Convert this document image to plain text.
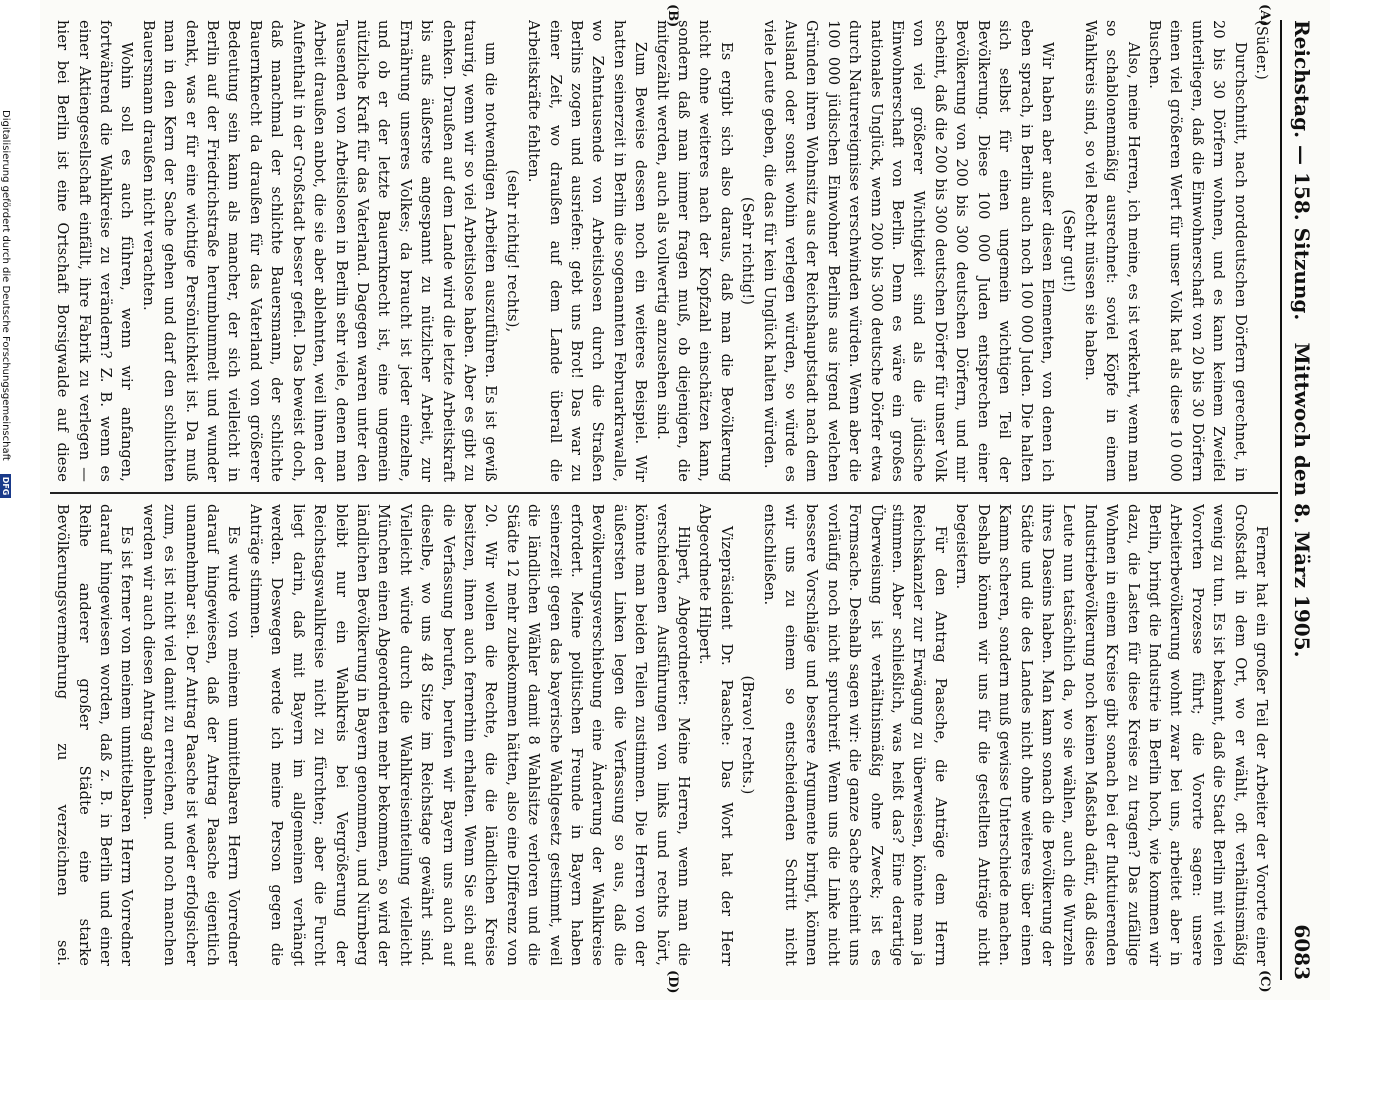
Reichstag. — 158. Sitzung.
Mittwoch den 8. März 1905.
6083
(A)
(B)
(C)
(D)

(Süder.)

Durchschnitt, nach norddeutschen Dörfern gerechnet, in 20 bis 30 Dörfern wohnen, und es kann keinem Zweifel unterliegen, daß die Einwohnerschaft von 20 bis 30 Dörfern einen viel größeren Wert für unser Volk hat als diese 10 000 Buschen.

Also, meine Herren, ich meine, es ist verkehrt, wenn man so schablonenmäßig ausrechnet: soviel Köpfe in einem Wahlkreis sind, so viel Recht müssen sie haben.

(Sehr gut!)

Wir haben aber außer diesen Elementen, von denen ich eben sprach, in Berlin auch noch 100 000 Juden. Die halten sich selbst für einen ungemein wichtigen Teil der Bevölkerung. Diese 100 000 Juden entsprechen einer Bevölkerung von 200 bis 300 deutschen Dörfern, und mir scheint, daß die 200 bis 300 deutschen Dörfer für unser Volk von viel größerer Wichtigkeit sind als die jüdische Einwohnerschaft von Berlin. Denn es wäre ein großes nationales Unglück, wenn 200 bis 300 deutsche Dörfer etwa durch Naturereignisse verschwinden würden. Wenn aber die 100 000 jüdischen Einwohner Berlins aus irgend welchen Gründen ihren Wohnsitz aus der Reichshauptstadt nach dem Ausland oder sonst wohin verlegen würden, so würde es viele Leute geben, die das für kein Unglück halten würden.

(Sehr richtig!)

Es ergibt sich also daraus, daß man die Bevölkerung nicht ohne weiteres nach der Kopfzahl einschätzen kann, sondern daß man immer fragen muß, ob diejenigen, die mitgezählt werden, auch als vollwertig anzusehen sind.

Zum Beweise dessen noch ein weiteres Beispiel. Wir hatten seinerzeit in Berlin die sogenannten Februarkrawalle, wo Zehntausende von Arbeitslosen durch die Straßen Berlins zogen und ausriefen: gebt uns Brot! Das war zu einer Zeit, wo draußen auf dem Lande überall die Arbeitskräfte fehlten.

(sehr richtig! rechts),

um die notwendigen Arbeiten auszuführen. Es ist gewiß traurig, wenn wir so viel Arbeitslose haben. Aber es gibt zu denken. Draußen auf dem Lande wird die letzte Arbeitskraft bis aufs äußerste angespannt zu nützlicher Arbeit, zur Ernährung unseres Volkes; da braucht ist jeder einzelne, und ob er der letzte Bauernknecht ist, eine ungemein nützliche Kraft für das Vaterland. Dagegen waren unter den Tausenden von Arbeitslosen in Berlin sehr viele, denen man Arbeit draußen anbot, die sie aber ablehnten, weil ihnen der Aufenthalt in der Großstadt besser gefiel. Das beweist doch, daß manchmal der schlichte Bauersmann, der schlichte Bauernknecht da draußen für das Vaterland von größerer Bedeutung sein kann als mancher, der sich vielleicht in Berlin auf der Friedrichstraße herumbummelt und wunder denkt, was er für eine wichtige Persönlichkeit ist. Da muß man in den Kern der Sache gehen und darf den schlichten Bauersmann draußen nicht verachten.

Wohin soll es auch führen, wenn wir anfangen, fortwährend die Wahlkreise zu verändern? Z. B. wenn es einer Aktiengesellschaft einfällt, ihre Fabrik zu verlegen — hier bei Berlin ist eine Ortschaft Borsigwalde auf diese

Ferner hat ein großer Teil der Arbeiter der Vororte einer Großstadt in dem Ort, wo er wählt, oft verhältnismäßig wenig zu tun. Es ist bekannt, daß die Stadt Berlin mit vielen Vororten Prozesse führt; die Vororte sagen: unsere Arbeiterbevölkerung wohnt zwar bei uns, arbeitet aber in Berlin, bringt die Industrie in Berlin hoch, wie kommen wir dazu, die Lasten für diese Kreise zu tragen? Das zufällige Wohnen in einem Kreise gibt sonach bei der fluktuierenden Industriebevölkerung noch keinen Maßstab dafür, daß diese Leute nun tatsächlich da, wo sie wählen, auch die Wurzeln ihres Daseins haben. Man kann sonach die Bevölkerung der Städte und die des Landes nicht ohne weiteres über einen Kamm scheren, sondern muß gewisse Unterschiede machen. Deshalb können wir uns für die gestellten Anträge nicht begeistern.

Für den Antrag Paasche, die Anträge dem Herrn Reichskanzler zur Erwägung zu überweisen, könnte man ja stimmen. Aber schließlich, was heißt das? Eine derartige Überweisung ist verhältnismäßig ohne Zweck; ist es Formsache. Deshalb sagen wir: die ganze Sache scheint uns vorläufig noch nicht spruchreif. Wenn uns die Linke nicht bessere Vorschläge und bessere Argumente bringt, können wir uns zu einem so entscheidenden Schritt nicht entschließen.

(Bravo! rechts.)

Vizepräsident Dr. Paasche: Das Wort hat der Herr Abgeordnete Hilpert.

Hilpert, Abgeordneter: Meine Herren, wenn man die verschiedenen Ausführungen von links und rechts hört, könnte man beiden Teilen zustimmen. Die Herren von der äußersten Linken legen die Verfassung so aus, daß die Bevölkerungsverschiebung eine Änderung der Wahlkreise erfordert. Meine politischen Freunde in Bayern haben seinerzeit gegen das bayerische Wahlgesetz gestimmt, weil die ländlichen Wähler damit 8 Wahlsitze verloren und die Städte 12 mehr zubekommen hätten, also eine Differenz von 20. Wir wollen die Rechte, die die ländlichen Kreise besitzen, ihnen auch fernerhin erhalten. Wenn Sie sich auf die Verfassung berufen, berufen wir Bayern uns auch auf dieselbe, wo uns 48 Sitze im Reichstage gewährt sind. Vielleicht würde durch die Wahlkreiseinteilung vielleicht München einen Abgeordneten mehr bekommen, so wird der ländlichen Bevölkerung in Bayern genommen, und Nürnberg bleibt nur ein Wahlkreis bei Vergrößerung der Reichstagswahlkreise nicht zu fürchten; aber die Furcht liegt darin, daß mit Bayern im allgemeinen verhängt werden. Deswegen werde ich meine Person gegen die Anträge stimmen.

Es wurde von meinem unmittelbaren Herrn Vorredner darauf hingewiesen, daß der Antrag Paasche eigentlich unannehmbar sei. Der Antrag Paasche ist weder erfolgsicher zum, es ist nicht viel damit zu erreichen, und noch manchen werden wir auch diesen Antrag ablehnen.

Es ist ferner von meinem unmittelbaren Herrn Vorredner darauf hingewiesen worden, daß z. B. in Berlin und einer Reihe anderer großer Städte eine starke Bevölkerungsvermehrung zu verzeichnen sei.

Digitalisierung gefördert durch die Deutsche Forschungsgemeinschaft DFG
